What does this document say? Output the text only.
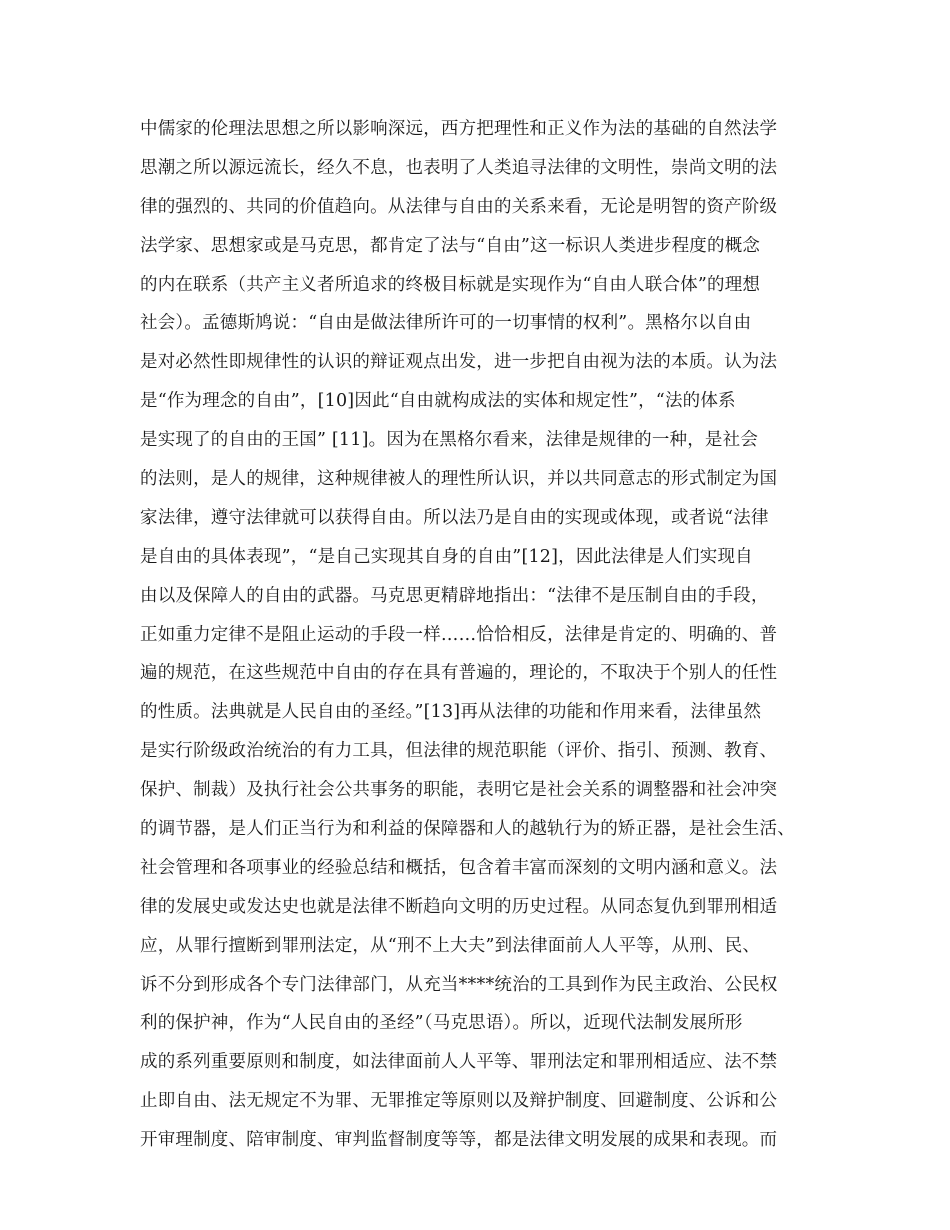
中儒家的伦理法思想之所以影响深远，西方把理性和正义作为法的基础的自然法学
思潮之所以源远流长，经久不息，也表明了人类追寻法律的文明性，崇尚文明的法
律的强烈的、共同的价值趋向。从法律与自由的关系来看，无论是明智的资产阶级
法学家、思想家或是马克思，都肯定了法与“自由”这一标识人类进步程度的概念
的内在联系（共产主义者所追求的终极目标就是实现作为“自由人联合体”的理想
社会）。孟德斯鸠说：“自由是做法律所许可的一切事情的权利”。黑格尔以自由
是对必然性即规律性的认识的辩证观点出发，进一步把自由视为法的本质。认为法
是“作为理念的自由”，[10]因此“自由就构成法的实体和规定性”，“法的体系
是实现了的自由的王国” [11]。因为在黑格尔看来，法律是规律的一种，是社会
的法则，是人的规律，这种规律被人的理性所认识，并以共同意志的形式制定为国
家法律，遵守法律就可以获得自由。所以法乃是自由的实现或体现，或者说“法律
是自由的具体表现”，“是自己实现其自身的自由”[12]，因此法律是人们实现自
由以及保障人的自由的武器。马克思更精辟地指出：“法律不是压制自由的手段，
正如重力定律不是阻止运动的手段一样……恰恰相反，法律是肯定的、明确的、普
遍的规范，在这些规范中自由的存在具有普遍的，理论的，不取决于个别人的任性
的性质。法典就是人民自由的圣经。”[13]再从法律的功能和作用来看，法律虽然
是实行阶级政治统治的有力工具，但法律的规范职能（评价、指引、预测、教育、
保护、制裁）及执行社会公共事务的职能，表明它是社会关系的调整器和社会冲突
的调节器，是人们正当行为和利益的保障器和人的越轨行为的矫正器，是社会生活、
社会管理和各项事业的经验总结和概括，包含着丰富而深刻的文明内涵和意义。法
律的发展史或发达史也就是法律不断趋向文明的历史过程。从同态复仇到罪刑相适
应，从罪行擅断到罪刑法定，从“刑不上大夫”到法律面前人人平等，从刑、民、
诉不分到形成各个专门法律部门，从充当****统治的工具到作为民主政治、公民权
利的保护神，作为“人民自由的圣经”（马克思语）。所以，近现代法制发展所形
成的系列重要原则和制度，如法律面前人人平等、罪刑法定和罪刑相适应、法不禁
止即自由、法无规定不为罪、无罪推定等原则以及辩护制度、回避制度、公诉和公
开审理制度、陪审制度、审判监督制度等等，都是法律文明发展的成果和表现。而
